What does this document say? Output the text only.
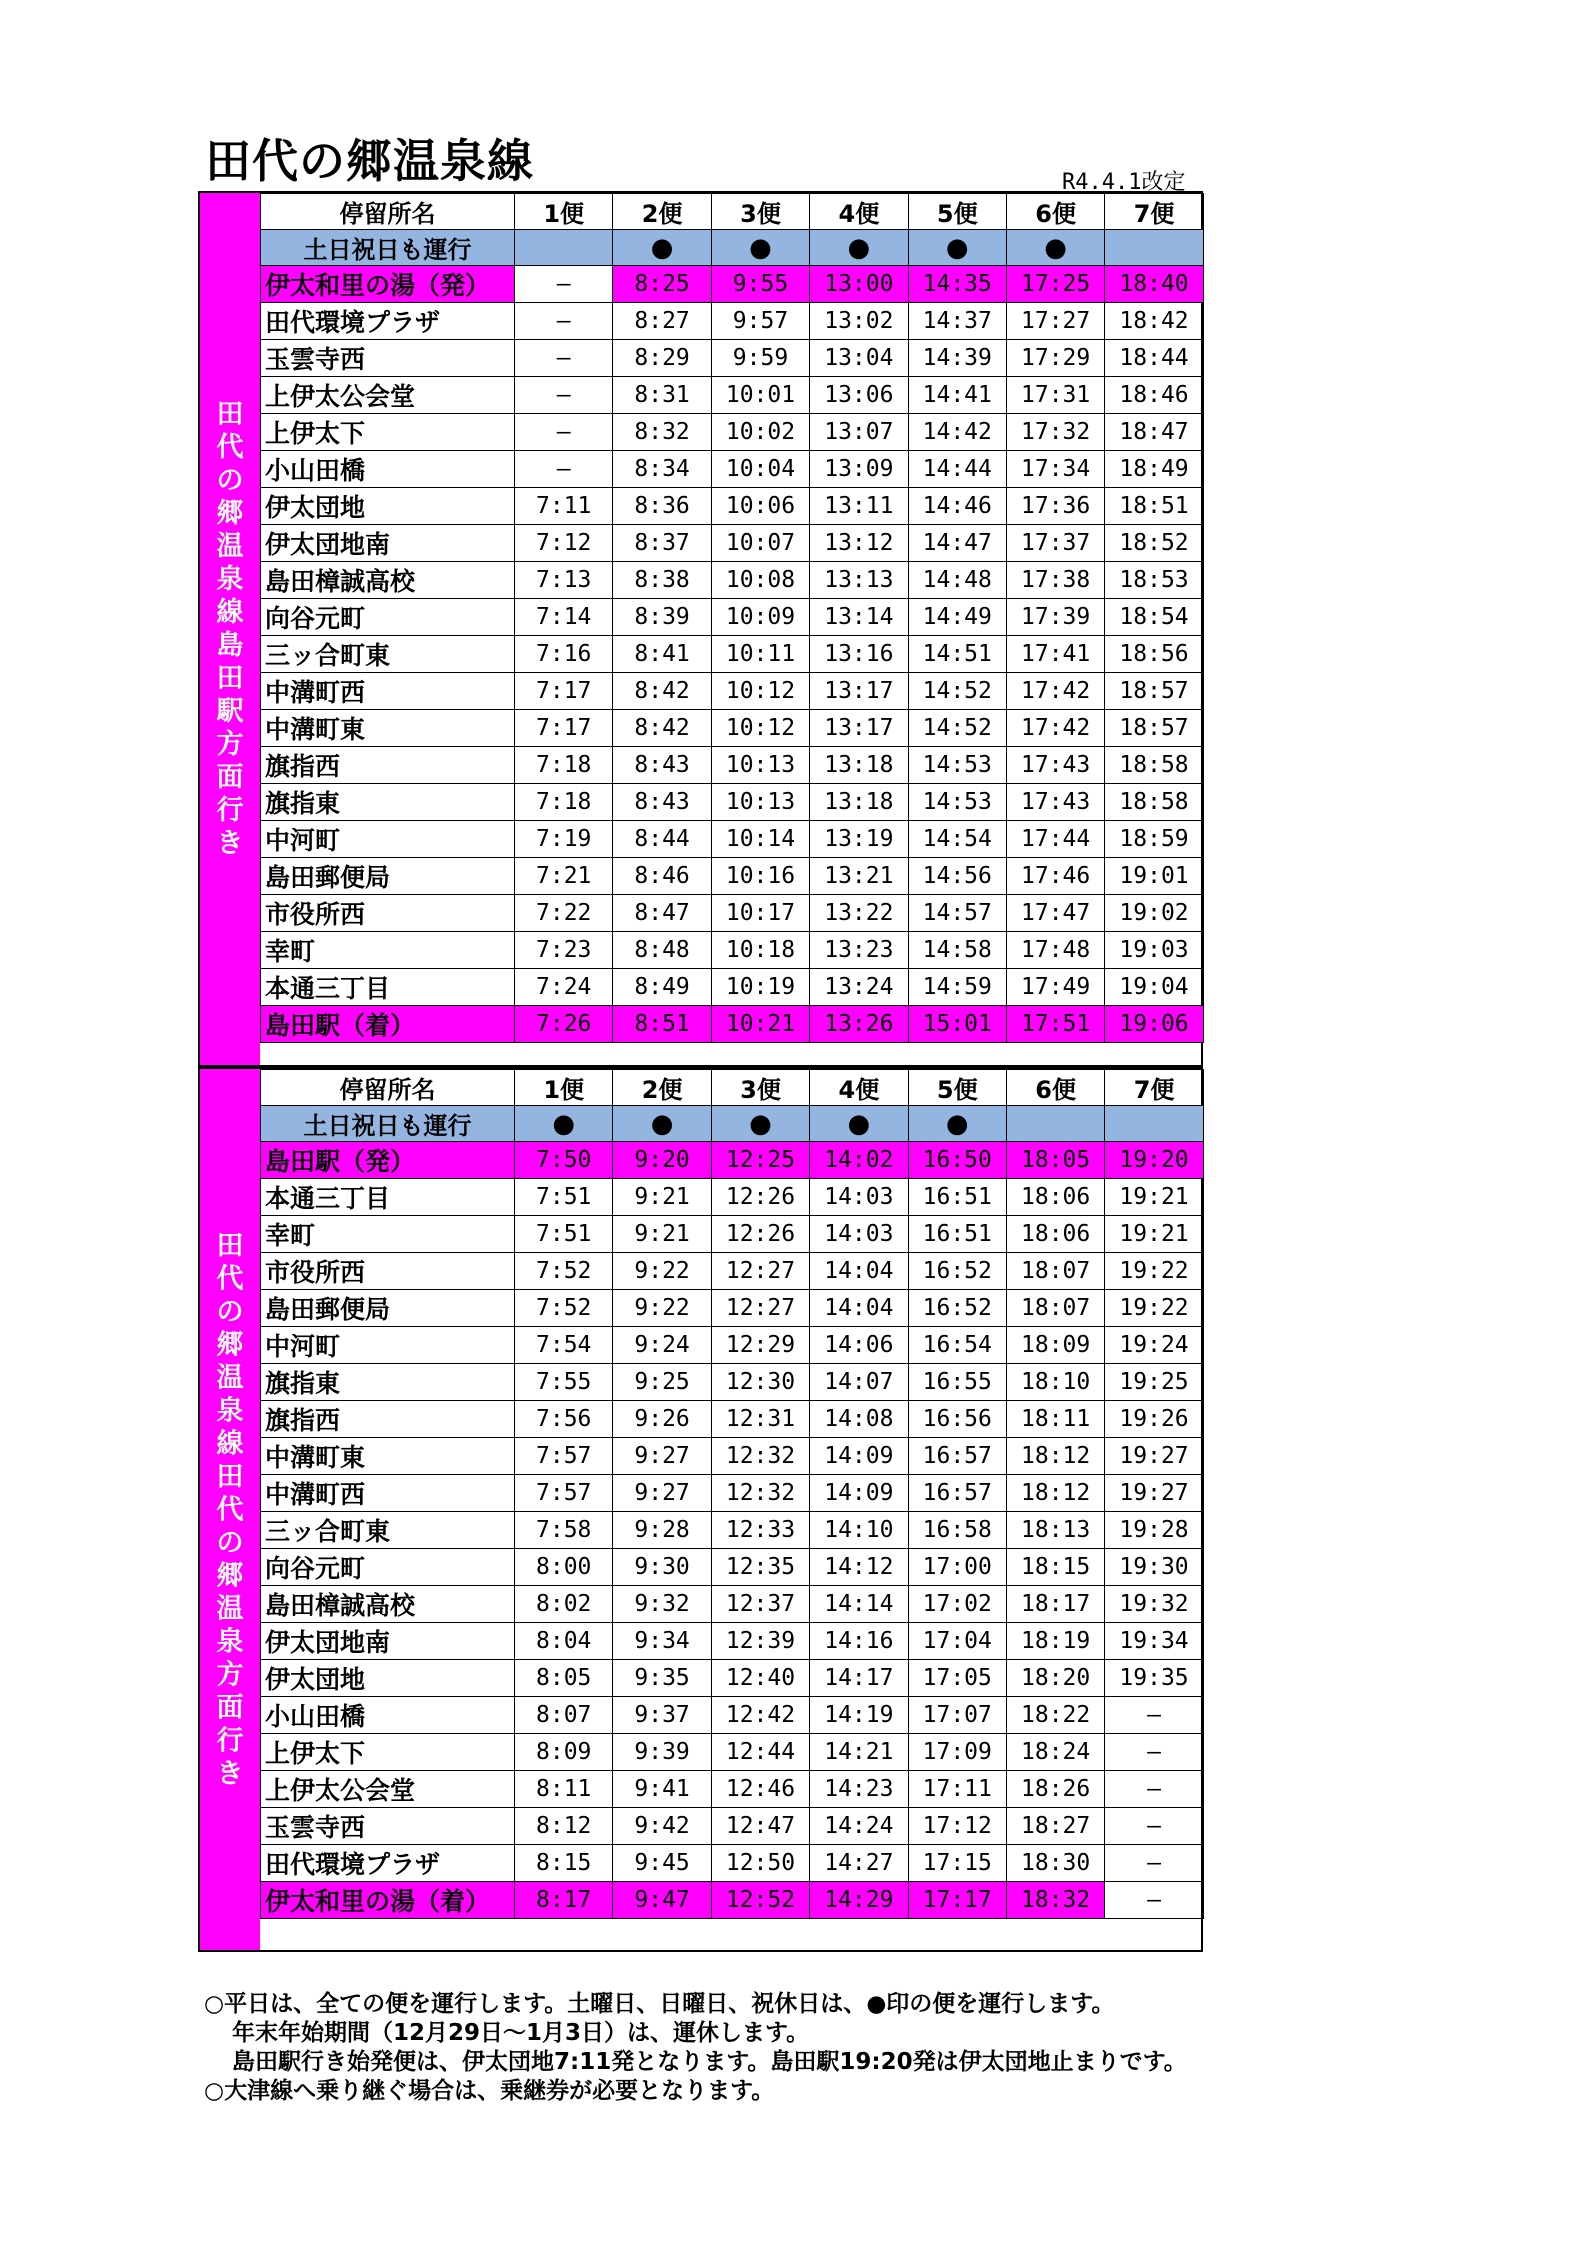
田代の郷温泉線	R4.4.1改定
田代の郷温泉線 島田駅方面行き
停留所名	1便	2便	3便	4便	5便	6便	7便
土日祝日も運行		●	●	●	●	●	
伊太和里の湯（発）	—	8:25	9:55	13:00	14:35	17:25	18:40
田代環境プラザ	—	8:27	9:57	13:02	14:37	17:27	18:42
玉雲寺西	—	8:29	9:59	13:04	14:39	17:29	18:44
上伊太公会堂	—	8:31	10:01	13:06	14:41	17:31	18:46
上伊太下	—	8:32	10:02	13:07	14:42	17:32	18:47
小山田橋	—	8:34	10:04	13:09	14:44	17:34	18:49
伊太団地	7:11	8:36	10:06	13:11	14:46	17:36	18:51
伊太団地南	7:12	8:37	10:07	13:12	14:47	17:37	18:52
島田樟誠高校	7:13	8:38	10:08	13:13	14:48	17:38	18:53
向谷元町	7:14	8:39	10:09	13:14	14:49	17:39	18:54
三ッ合町東	7:16	8:41	10:11	13:16	14:51	17:41	18:56
中溝町西	7:17	8:42	10:12	13:17	14:52	17:42	18:57
中溝町東	7:17	8:42	10:12	13:17	14:52	17:42	18:57
旗指西	7:18	8:43	10:13	13:18	14:53	17:43	18:58
旗指東	7:18	8:43	10:13	13:18	14:53	17:43	18:58
中河町	7:19	8:44	10:14	13:19	14:54	17:44	18:59
島田郵便局	7:21	8:46	10:16	13:21	14:56	17:46	19:01
市役所西	7:22	8:47	10:17	13:22	14:57	17:47	19:02
幸町	7:23	8:48	10:18	13:23	14:58	17:48	19:03
本通三丁目	7:24	8:49	10:19	13:24	14:59	17:49	19:04
島田駅（着）	7:26	8:51	10:21	13:26	15:01	17:51	19:06
田代の郷温泉線 田代の郷温泉方面行き
停留所名	1便	2便	3便	4便	5便	6便	7便
土日祝日も運行	●	●	●	●	●		
島田駅（発）	7:50	9:20	12:25	14:02	16:50	18:05	19:20
本通三丁目	7:51	9:21	12:26	14:03	16:51	18:06	19:21
幸町	7:51	9:21	12:26	14:03	16:51	18:06	19:21
市役所西	7:52	9:22	12:27	14:04	16:52	18:07	19:22
島田郵便局	7:52	9:22	12:27	14:04	16:52	18:07	19:22
中河町	7:54	9:24	12:29	14:06	16:54	18:09	19:24
旗指東	7:55	9:25	12:30	14:07	16:55	18:10	19:25
旗指西	7:56	9:26	12:31	14:08	16:56	18:11	19:26
中溝町東	7:57	9:27	12:32	14:09	16:57	18:12	19:27
中溝町西	7:57	9:27	12:32	14:09	16:57	18:12	19:27
三ッ合町東	7:58	9:28	12:33	14:10	16:58	18:13	19:28
向谷元町	8:00	9:30	12:35	14:12	17:00	18:15	19:30
島田樟誠高校	8:02	9:32	12:37	14:14	17:02	18:17	19:32
伊太団地南	8:04	9:34	12:39	14:16	17:04	18:19	19:34
伊太団地	8:05	9:35	12:40	14:17	17:05	18:20	19:35
小山田橋	8:07	9:37	12:42	14:19	17:07	18:22	—
上伊太下	8:09	9:39	12:44	14:21	17:09	18:24	—
上伊太公会堂	8:11	9:41	12:46	14:23	17:11	18:26	—
玉雲寺西	8:12	9:42	12:47	14:24	17:12	18:27	—
田代環境プラザ	8:15	9:45	12:50	14:27	17:15	18:30	—
伊太和里の湯（着）	8:17	9:47	12:52	14:29	17:17	18:32	—
○平日は、全ての便を運行します。土曜日、日曜日、祝休日は、●印の便を運行します。
年末年始期間（12月29日～1月3日）は、運休します。
島田駅行き始発便は、伊太団地7:11発となります。島田駅19:20発は伊太団地止まりです。
○大津線へ乗り継ぐ場合は、乗継券が必要となります。
